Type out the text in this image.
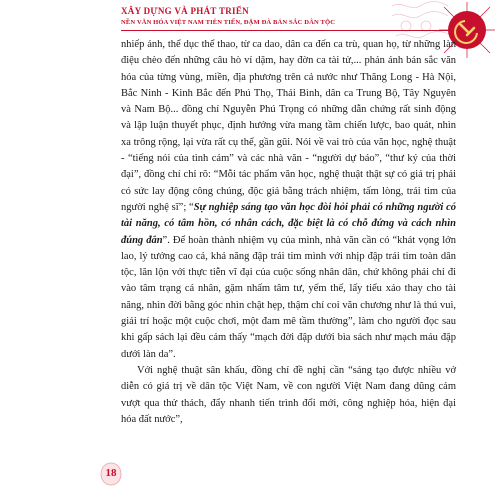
XÂY DỰNG VÀ PHÁT TRIỂN
NỀN VĂN HÓA VIỆT NAM TIÊN TIẾN, ĐẬM ĐÀ BẢN SẮC DÂN TỘC

nhiếp ảnh, thể dục thể thao, từ ca dao, dân ca đến ca trù, quan họ, từ những làn điệu chèo đến những câu hò ví dặm, hay đờn ca tài tử,... phản ánh bản sắc văn hóa của từng vùng, miền, địa phương trên cả nước như Thăng Long - Hà Nội, Bắc Ninh - Kinh Bắc đến Phú Thọ, Thái Bình, dân ca Trung Bộ, Tây Nguyên và Nam Bộ... đồng chí Nguyễn Phú Trọng có những dẫn chứng rất sinh động và lập luận thuyết phục, định hướng vừa mang tầm chiến lược, bao quát, nhìn xa trông rộng, lại vừa rất cụ thể, gần gũi. Nói về vai trò của văn học, nghệ thuật - “tiếng nói của tình cảm” và các nhà văn - “người dự báo”, “thư ký của thời đại”, đồng chí chỉ rõ: “Mỗi tác phẩm văn học, nghệ thuật thật sự có giá trị phải có sức lay động công chúng, độc giả bằng trách nhiệm, tấm lòng, trái tim của người nghệ sĩ”; “Sự nghiệp sáng tạo văn học đòi hỏi phải có những người có tài năng, có tâm hồn, có nhân cách, đặc biệt là có chỗ đứng và cách nhìn đúng đắn”. Để hoàn thành nhiệm vụ của mình, nhà văn cần có “khát vọng lớn lao, lý tưởng cao cả, khả năng đập trái tim mình với nhịp đập trái tim toàn dân tộc, lăn lộn với thực tiễn vĩ đại của cuộc sống nhân dân, chứ không phải chỉ đi vào tâm trạng cá nhân, gặm nhấm tâm tư, yếm thế, lấy tiểu xảo thay cho tài năng, nhìn đời bằng góc nhìn chật hẹp, thậm chí coi văn chương như là thú vui, giải trí hoặc một cuộc chơi, một đam mê tầm thường”, làm cho người đọc sau khi gấp sách lại đều cảm thấy “mạch đời đập dưới bìa sách như mạch máu đập dưới làn da”.

Với nghệ thuật sân khấu, đồng chí đề nghị cần “sáng tạo được nhiều vở diễn có giá trị về dân tộc Việt Nam, về con người Việt Nam đang dũng cảm vượt qua thử thách, đẩy nhanh tiến trình đổi mới, công nghiệp hóa, hiện đại hóa đất nước”,

18
